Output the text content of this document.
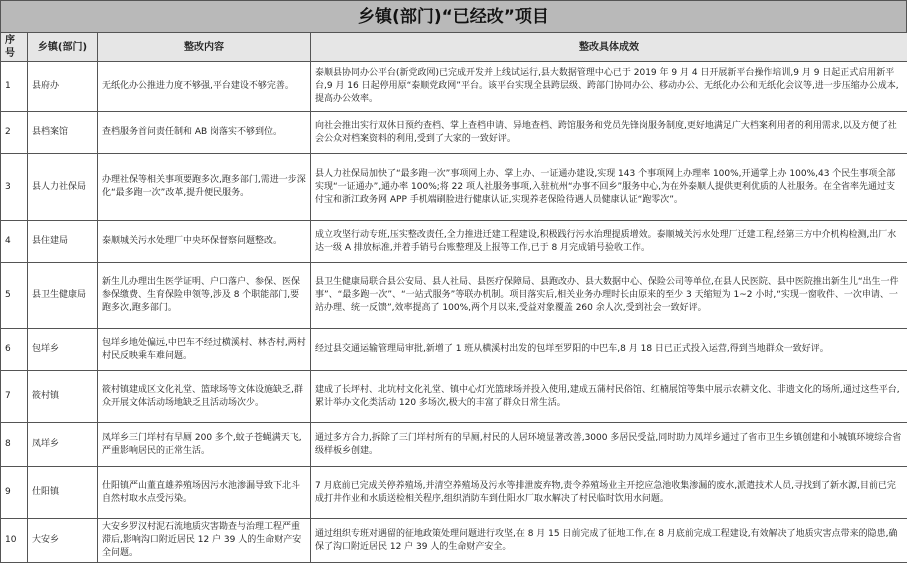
乡镇(部门)“已经改”项目
序号	乡镇(部门)	整改内容	整改具体成效
1	县府办	无纸化办公推进力度不够强,平台建设不够完善。	泰顺县协同办公平台(新党政网)已完成开发并上线试运行,县大数据管理中心已于 2019 年 9 月 4 日开展新平台操作培训,9 月 9 日起正式启用新平台,9 月 16 日起停用原“泰顺党政网”平台。该平台实现全县跨层级、跨部门协同办公、移动办公、无纸化办公和无纸化会议等,进一步压缩办公成本,提高办公效率。
2	县档案馆	查档服务首问责任制和 AB 岗落实不够到位。	向社会推出实行双休日预约查档、掌上查档申请、异地查档、跨馆服务和党员先锋岗服务制度,更好地满足广大档案利用者的利用需求,以及方便了社会公众对档案资料的利用,受到了大家的一致好评。
3	县人力社保局	办理社保等相关事项要跑多次,跑多部门,需进一步深化“最多跑一次”改革,提升便民服务。	县人力社保局加快了“最多跑一次”事项网上办、掌上办、一证通办建设,实现 143 个事项网上办理率 100%,开通掌上办 100%,43 个民生事项全部实现“一证通办”,通办率 100%;将 22 项人社服务事项,入驻杭州“办事不回乡”服务中心,为在外泰顺人提供更利优质的人社服务。在全省率先通过支付宝和浙江政务网 APP 手机端刷脸进行健康认证,实现养老保险待遇人员健康认证“跑零次”。
4	县住建局	泰顺城关污水处理厂中央环保督察问题整改。	成立攻坚行动专班,压实整改责任,全力推进迁建工程建设,积极践行污水治理提质增效。泰顺城关污水处理厂迁建工程,经第三方中介机构检测,出厂水达一级 A 排放标准,并着手销号台账整理及上报等工作,已于 8 月完成销号验收工作。
5	县卫生健康局	新生儿办理出生医学证明、户口落户、参保、医保参保缴费、生育保险申领等,涉及 8 个职能部门,要跑多次,跑多部门。	县卫生健康局联合县公安局、县人社局、县医疗保障局、县跑改办、县大数据中心、保险公司等单位,在县人民医院、县中医院推出新生儿“出生一件事”、“最多跑一次”、“一站式服务”等联办机制。项目落实后,相关业务办理时长由原来的至少 3 天缩短为 1~2 小时,“实现一窗收件、一次申请、一站办理、统一反馈”,效率提高了 100%,两个月以来,受益对象覆盖 260 余人次,受到社会一致好评。
6	包垟乡	包垟乡地处偏远,中巴车不经过横溪村、林杏村,两村村民反映乘车难问题。	经过县交通运输管理局审批,新增了 1 班从横溪村出发的包垟至罗阳的中巴车,8 月 18 日已正式投入运营,得到当地群众一致好评。
7	筱村镇	筱村镇建成区文化礼堂、篮球场等文体设施缺乏,群众开展文体活动场地缺乏且活动场次少。	建成了长坪村、北坑村文化礼堂、镇中心灯光篮球场并投入使用,建成五蒲村民俗馆、红楠展馆等集中展示农耕文化、非遗文化的场所,通过这些平台,累计举办文化类活动 120 多场次,极大的丰富了群众日常生活。
8	凤垟乡	凤垟乡三门垟村有早厕 200 多个,蚊子苍蝇满天飞,严重影响居民的正常生活。	通过多方合力,拆除了三门垟村所有的早厕,村民的人居环境显著改善,3000 多居民受益,同时助力凤垟乡通过了省市卫生乡镇创建和小城镇环境综合省级样板乡创建。
9	仕阳镇	仕阳镇严山董直雄养殖场因污水池渗漏导致下北斗自然村取水点受污染。	7 月底前已完成关停养殖场,并清空养殖场及污水等排泄废弃物,责令养殖场业主开挖应急池收集渗漏的废水,派遣技术人员,寻找到了新水源,目前已完成打井作业和水质送检相关程序,组织消防车到仕阳水厂取水解决了村民临时饮用水问题。
10	大安乡	大安乡罗汉村泥石流地质灾害勘查与治理工程严重滞后,影响沟口附近居民 12 户 39 人的生命财产安全问题。	通过组织专班对遇留的征地政策处理问题进行攻坚,在 8 月 15 日前完成了征地工作,在 8 月底前完成工程建设,有效解决了地质灾害点带来的隐患,确保了沟口附近居民 12 户 39 人的生命财产安全。
